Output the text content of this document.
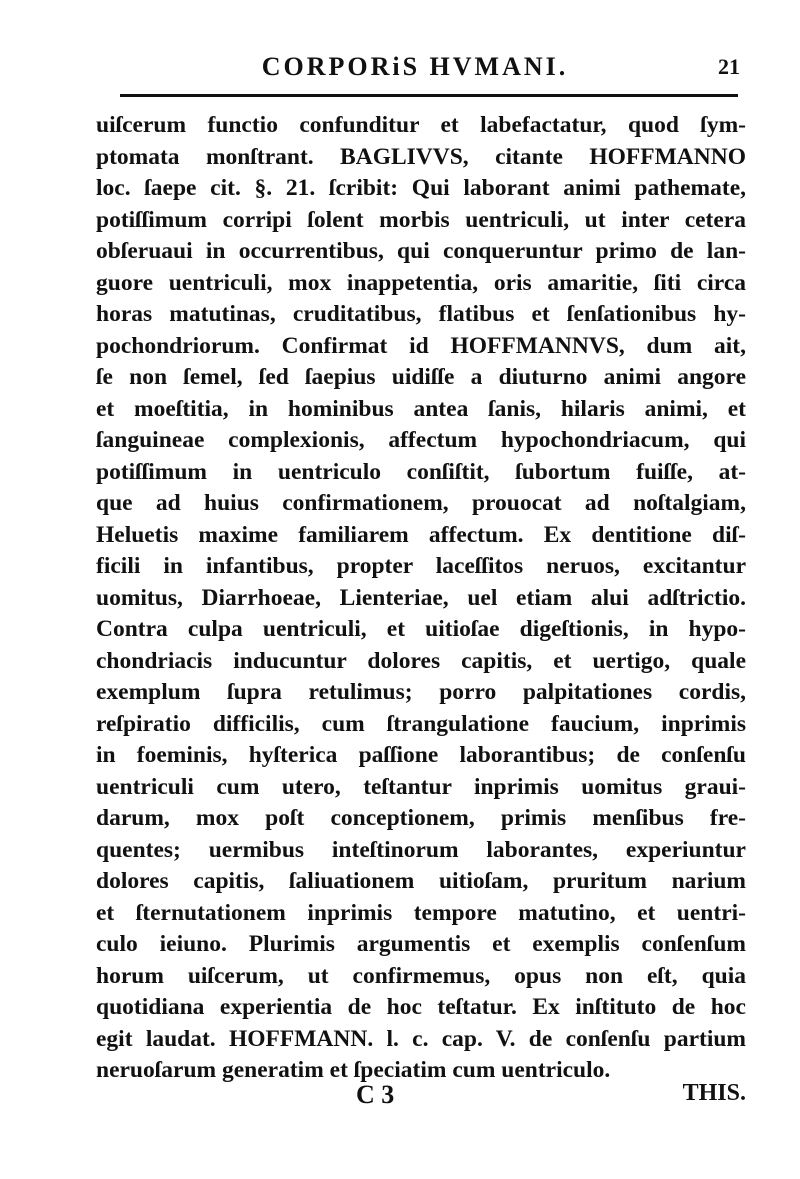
CORPORiS HVMANI.	21
uiſcerum functio confunditur et labefactatur, quod ſym-
ptomata monſtrant. BAGLIVVS, citante HOFFMANNO
loc. ſaepe cit. §. 21. ſcribit: Qui laborant animi pathemate,
potiſſimum corripi ſolent morbis uentriculi, ut inter cetera
obſeruaui in occurrentibus, qui conqueruntur primo de lan-
guore uentriculi, mox inappetentia, oris amaritie, ſiti circa
horas matutinas, cruditatibus, flatibus et ſenſationibus hy-
pochondriorum. Confirmat id HOFFMANNVS, dum ait,
ſe non ſemel, ſed ſaepius uidiſſe a diuturno animi angore
et moeſtitia, in hominibus antea ſanis, hilaris animi, et
ſanguineae complexionis, affectum hypochondriacum, qui
potiſſimum in uentriculo conſiſtit, ſubortum fuiſſe, at-
que ad huius confirmationem, prouocat ad noſtalgiam,
Heluetis maxime familiarem affectum. Ex dentitione diſ-
ficili in infantibus, propter laceſſitos neruos, excitantur
uomitus, Diarrhoeae, Lienteriae, uel etiam alui adſtrictio.
Contra culpa uentriculi, et uitioſae digeſtionis, in hypo-
chondriacis inducuntur dolores capitis, et uertigo, quale
exemplum ſupra retulimus; porro palpitationes cordis,
reſpiratio difficilis, cum ſtrangulatione faucium, inprimis
in foeminis, hyſterica paſſione laborantibus; de conſenſu
uentriculi cum utero, teſtantur inprimis uomitus graui-
darum, mox poſt conceptionem, primis menſibus fre-
quentes; uermibus inteſtinorum laborantes, experiuntur
dolores capitis, ſaliuationem uitioſam, pruritum narium
et ſternutationem inprimis tempore matutino, et uentri-
culo ieiuno. Plurimis argumentis et exemplis conſenſum
horum uiſcerum, ut confirmemus, opus non eſt, quia
quotidiana experientia de hoc teſtatur. Ex inſtituto de hoc
egit laudat. HOFFMANN. l. c. cap. V. de conſenſu partium
neruoſarum generatim et ſpeciatim cum uentriculo.
C 3	THIS.
